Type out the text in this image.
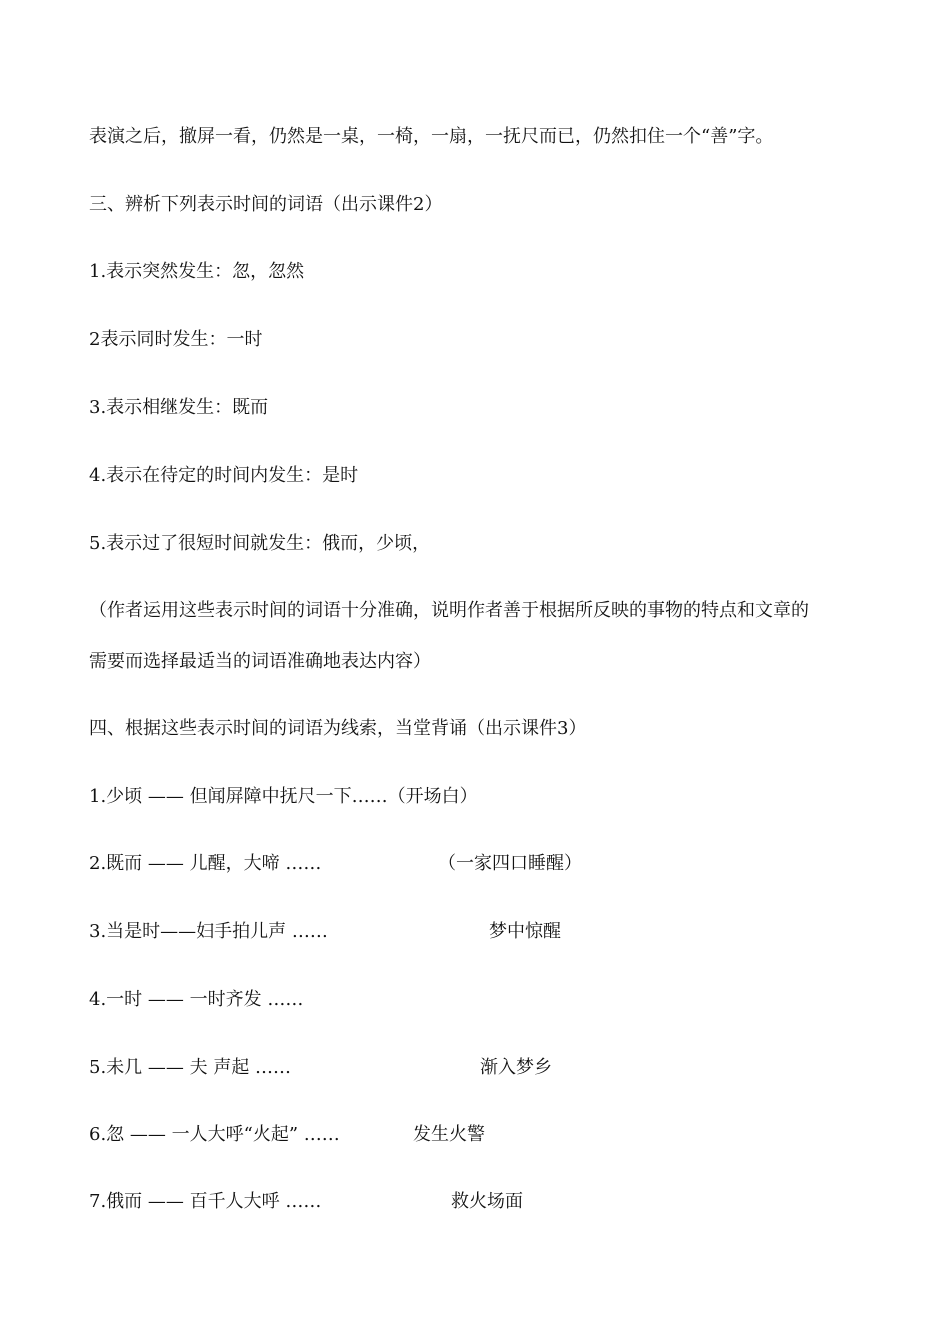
表演之后，撤屏一看，仍然是一桌，一椅，一扇，一抚尺而已，仍然扣住一个“善”字。
三、辨析下列表示时间的词语（出示课件2）
1.表示突然发生：忽，忽然
2表示同时发生：一时
3.表示相继发生：既而
4.表示在待定的时间内发生：是时
5.表示过了很短时间就发生：俄而，少顷，
（作者运用这些表示时间的词语十分准确，说明作者善于根据所反映的事物的特点和文章的
需要而选择最适当的词语准确地表达内容）
四、根据这些表示时间的词语为线索，当堂背诵（出示课件3）
1.少顷 —— 但闻屏障中抚尺一下……（开场白）
2.既而 —— 儿醒，大啼 ……	（一家四口睡醒）
3.当是时——妇手拍儿声 ……	梦中惊醒
4.一时 —— 一时齐发 ……
5.未几 —— 夫 声起 ……	渐入梦乡
6.忽 —— 一人大呼“火起” ……	发生火警
7.俄而 —— 百千人大呼 ……	救火场面
